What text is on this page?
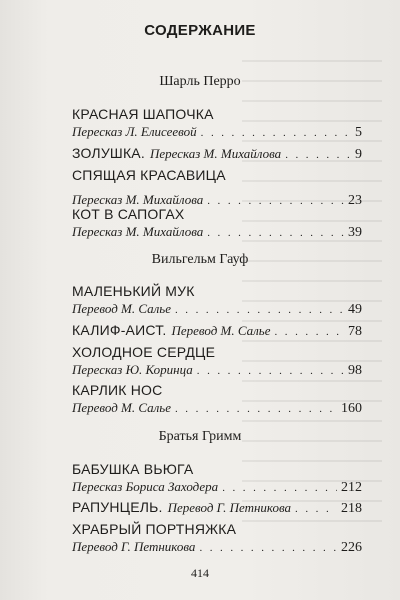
СОДЕРЖАНИЕ
Шарль Перро
КРАСНАЯ ШАПОЧКА
Пересказ Л. Елисеевой . . .	5
ЗОЛУШКА. Пересказ М. Михайлова . . .	9
СПЯЩАЯ КРАСАВИЦА
Пересказ М. Михайлова . . .	23
КОТ В САПОГАХ
Пересказ М. Михайлова . . .	39
Вильгельм Гауф
МАЛЕНЬКИЙ МУК
Перевод М. Салье . . .	49
КАЛИФ-АИСТ. Перевод М. Салье . . .	78
ХОЛОДНОЕ СЕРДЦЕ
Пересказ Ю. Коринца . . .	98
КАРЛИК НОС
Перевод М. Салье . . .	160
Братья Гримм
БАБУШКА ВЬЮГА
Пересказ Бориса Заходера . . .	212
РАПУНЦЕЛЬ. Перевод Г. Петникова . . .	218
ХРАБРЫЙ ПОРТНЯЖКА
Перевод Г. Петникова . . .	226
414
